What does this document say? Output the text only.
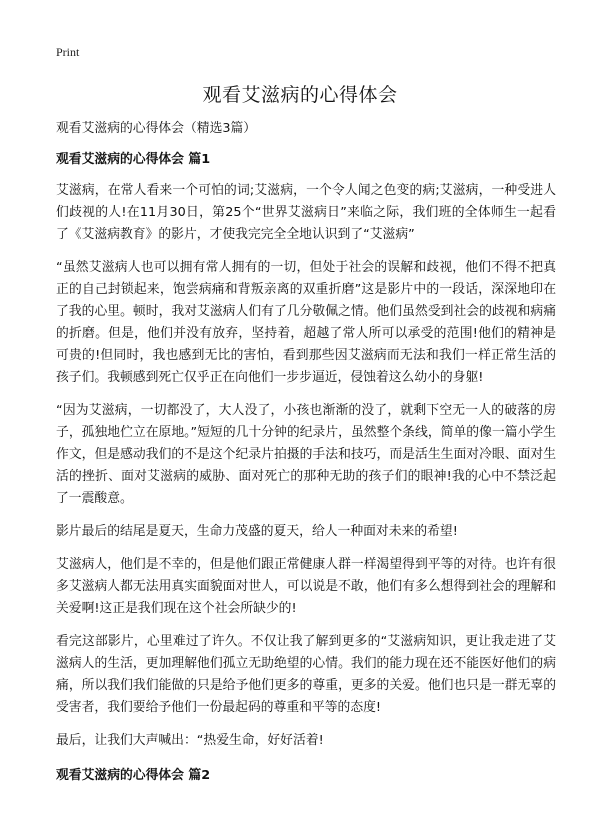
Print
观看艾滋病的心得体会

观看艾滋病的心得体会（精选3篇）

观看艾滋病的心得体会 篇1

艾滋病，在常人看来一个可怕的词;艾滋病，一个令人闻之色变的病;艾滋病，一种受进人们歧视的人!在11月30日，第25个“世界艾滋病日”来临之际，我们班的全体师生一起看了《艾滋病教育》的影片，才使我完完全全地认识到了“艾滋病”

“虽然艾滋病人也可以拥有常人拥有的一切，但处于社会的误解和歧视，他们不得不把真正的自己封锁起来，饱尝病痛和背叛亲离的双重折磨”这是影片中的一段话，深深地印在了我的心里。顿时，我对艾滋病人们有了几分敬佩之情。他们虽然受到社会的歧视和病痛的折磨。但是，他们并没有放弃，坚持着，超越了常人所可以承受的范围!他们的精神是可贵的!但同时，我也感到无比的害怕，看到那些因艾滋病而无法和我们一样正常生活的孩子们。我顿感到死亡仅乎正在向他们一步步逼近，侵蚀着这么幼小的身躯!

“因为艾滋病，一切都没了，大人没了，小孩也渐渐的没了，就剩下空无一人的破落的房子，孤独地伫立在原地。”短短的几十分钟的纪录片，虽然整个条线，简单的像一篇小学生作文，但是感动我们的不是这个纪录片拍摄的手法和技巧，而是活生生面对冷眼、面对生活的挫折、面对艾滋病的威胁、面对死亡的那种无助的孩子们的眼神!我的心中不禁泛起了一震酸意。

影片最后的结尾是夏天，生命力茂盛的夏天，给人一种面对未来的希望!

艾滋病人，他们是不幸的，但是他们跟正常健康人群一样渴望得到平等的对待。也许有很多艾滋病人都无法用真实面貌面对世人，可以说是不敢，他们有多么想得到社会的理解和关爱啊!这正是我们现在这个社会所缺少的!

看完这部影片，心里难过了许久。不仅让我了解到更多的“艾滋病知识，更让我走进了艾滋病人的生活，更加理解他们孤立无助绝望的心情。我们的能力现在还不能医好他们的病痛，所以我们我们能做的只是给予他们更多的尊重，更多的关爱。他们也只是一群无辜的受害者，我们要给予他们一份最起码的尊重和平等的态度!

最后，让我们大声喊出：“热爱生命，好好活着!

观看艾滋病的心得体会 篇2
